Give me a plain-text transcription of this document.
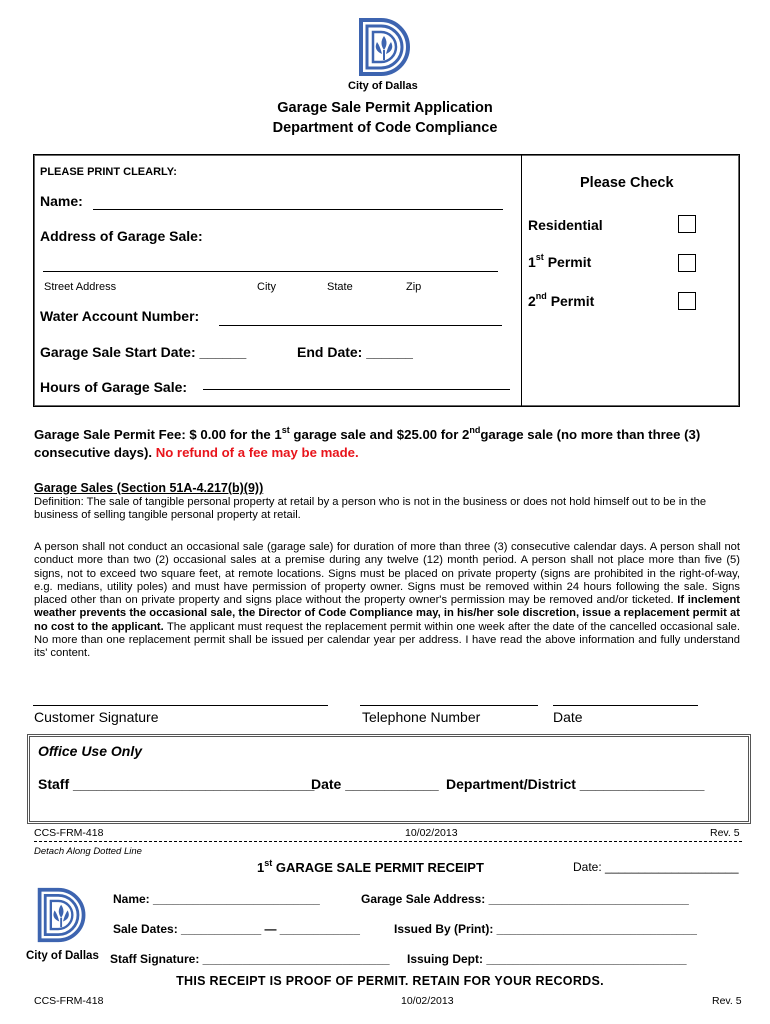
City of Dallas
Garage Sale Permit Application
Department of Code Compliance
PLEASE PRINT CLEARLY:
Name:
Address of Garage Sale:
Street Address	City	State	Zip
Water Account Number:
Garage Sale Start Date: ______	End Date: ______
Hours of Garage Sale:
Please Check
Residential
1st Permit
2nd Permit
Garage Sale Permit Fee: $ 0.00 for the 1st garage sale and $25.00 for 2ndgarage sale (no more than three (3)
consecutive days). No refund of a fee may be made.
Garage Sales (Section 51A-4.217(b)(9))
Definition: The sale of tangible personal property at retail by a person who is not in the business or does not hold himself out to be in the business of selling tangible personal property at retail.
A person shall not conduct an occasional sale (garage sale) for duration of more than three (3) consecutive calendar days. A person shall not conduct more than two (2) occasional sales at a premise during any twelve (12) month period. A person shall not place more than five (5) signs, not to exceed two square feet, at remote locations. Signs must be placed on private property (signs are prohibited in the right-of-way, e.g. medians, utility poles) and must have permission of property owner. Signs must be removed within 24 hours following the sale. Signs placed other than on private property and signs place without the property owner's permission may be removed and/or ticketed. If inclement weather prevents the occasional sale, the Director of Code Compliance may, in his/her sole discretion, issue a replacement permit at no cost to the applicant. The applicant must request the replacement permit within one week after the date of the cancelled occasional sale. No more than one replacement permit shall be issued per calendar year per address. I have read the above information and fully understand its' content.
Customer Signature	Telephone Number	Date
Office Use Only
Staff _______________________________
Date ____________ Department/District ________________
CCS-FRM-418	10/02/2013	Rev. 5
Detach Along Dotted Line
1st GARAGE SALE PERMIT RECEIPT	Date: ____________________
City of Dallas
Name: _________________________	Garage Sale Address: ______________________________
Sale Dates: ____________ — ____________	Issued By (Print): ______________________________
Staff Signature: ____________________________ Issuing Dept: ______________________________
THIS RECEIPT IS PROOF OF PERMIT. RETAIN FOR YOUR RECORDS.
CCS-FRM-418	10/02/2013	Rev. 5
